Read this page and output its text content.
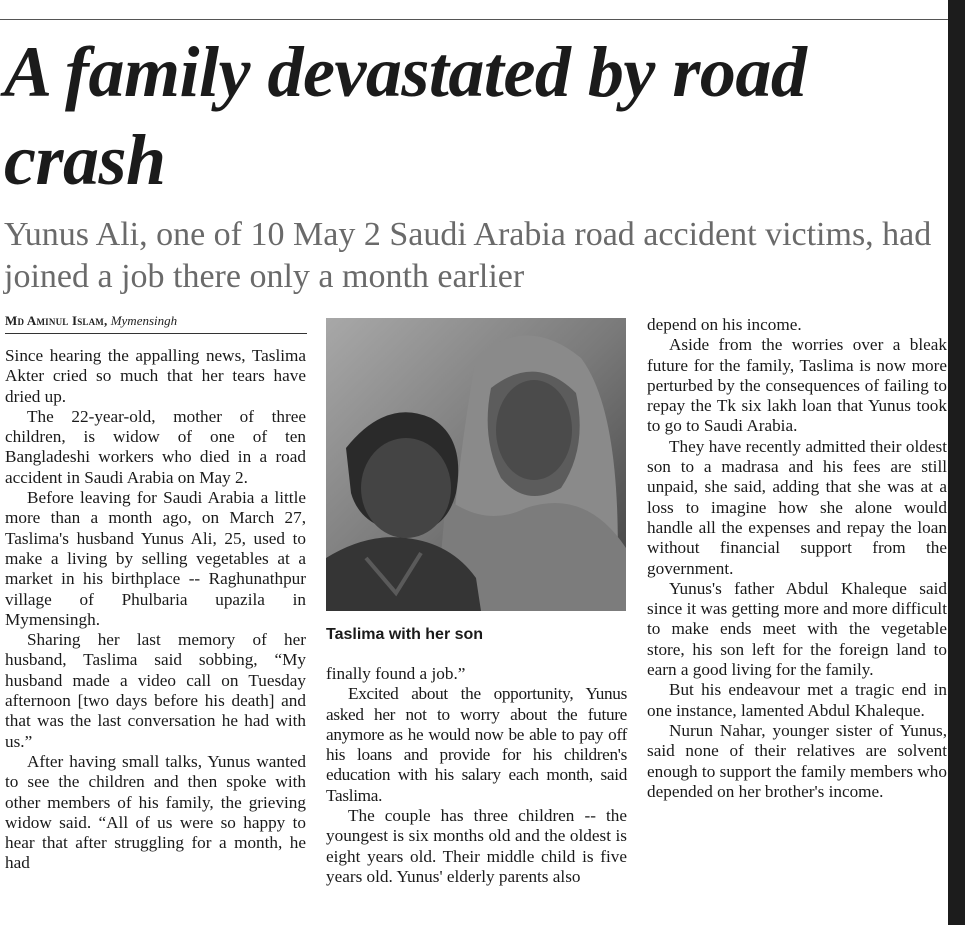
A family devastated by road crash
Yunus Ali, one of 10 May 2 Saudi Arabia road accident victims, had joined a job there only a month earlier
Md Aminul Islam, Mymensingh

Since hearing the appalling news, Taslima Akter cried so much that her tears have dried up.

The 22-year-old, mother of three children, is widow of one of ten Bangladeshi workers who died in a road accident in Saudi Arabia on May 2.

Before leaving for Saudi Arabia a little more than a month ago, on March 27, Taslima's husband Yunus Ali, 25, used to make a living by selling vegetables at a market in his birthplace -- Raghunathpur village of Phulbaria upazila in Mymensingh.

Sharing her last memory of her husband, Taslima said sobbing, “My husband made a video call on Tuesday afternoon [two days before his death] and that was the last conversation he had with us.”

After having small talks, Yunus wanted to see the children and then spoke with other members of his family, the grieving widow said. “All of us were so happy to hear that after struggling for a month, he had

Taslima with her son

finally found a job.”

Excited about the opportunity, Yunus asked her not to worry about the future anymore as he would now be able to pay off his loans and provide for his children's education with his salary each month, said Taslima.

The couple has three children -- the youngest is six months old and the oldest is eight years old. Their middle child is five years old. Yunus' elderly parents also

depend on his income.

Aside from the worries over a bleak future for the family, Taslima is now more perturbed by the consequences of failing to repay the Tk six lakh loan that Yunus took to go to Saudi Arabia.

They have recently admitted their oldest son to a madrasa and his fees are still unpaid, she said, adding that she was at a loss to imagine how she alone would handle all the expenses and repay the loan without financial support from the government.

Yunus's father Abdul Khaleque said since it was getting more and more difficult to make ends meet with the vegetable store, his son left for the foreign land to earn a good living for the family.

But his endeavour met a tragic end in one instance, lamented Abdul Khaleque.

Nurun Nahar, younger sister of Yunus, said none of their relatives are solvent enough to support the family members who depended on her brother's income.
